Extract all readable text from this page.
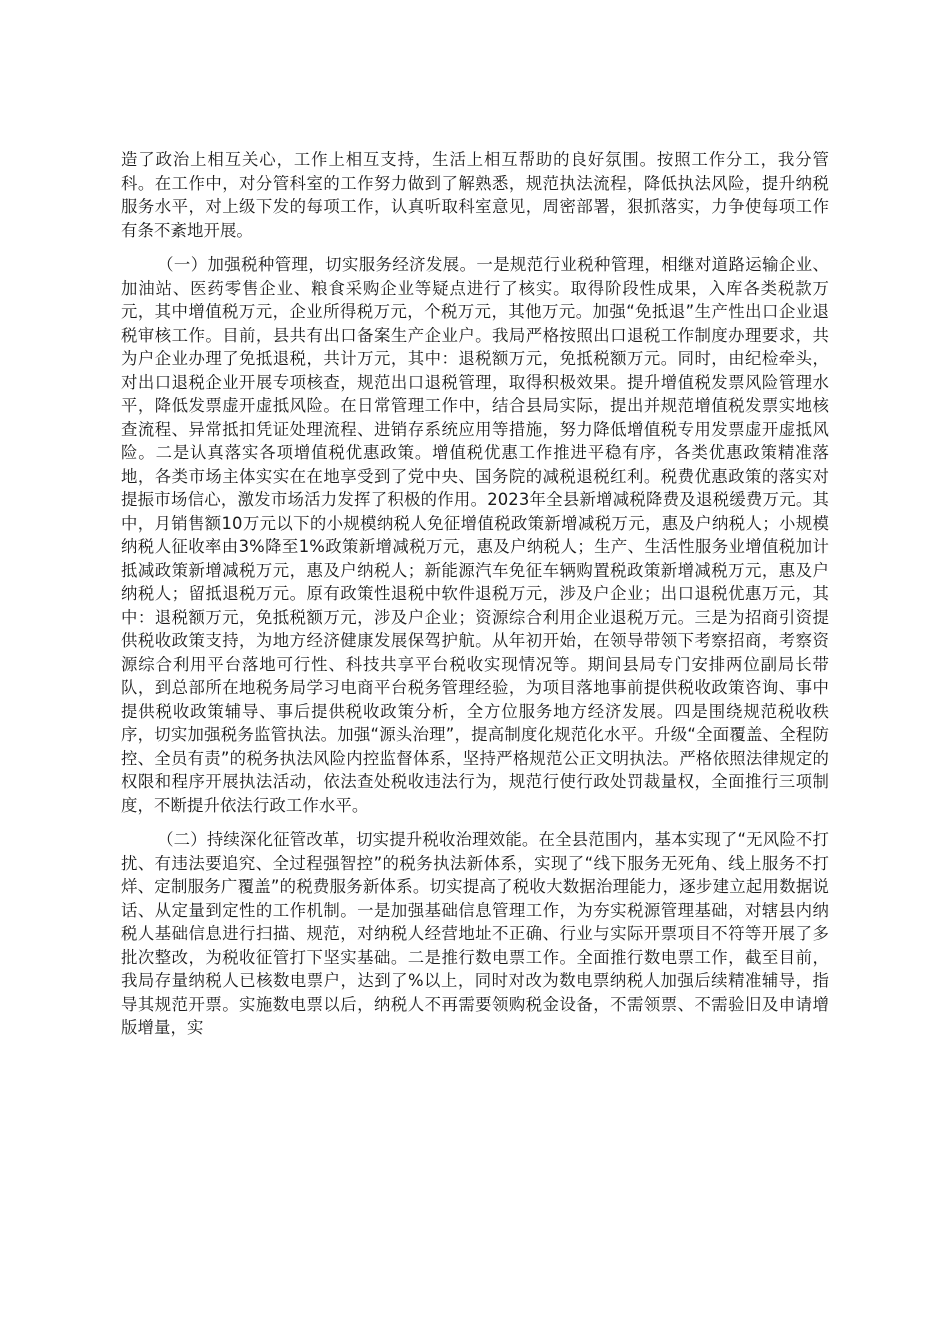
造了政治上相互关心，工作上相互支持，生活上相互帮助的良好氛围。按照工作分工，我分管科。在工作中，对分管科室的工作努力做到了解熟悉，规范执法流程，降低执法风险，提升纳税服务水平，对上级下发的每项工作，认真听取科室意见，周密部署，狠抓落实，力争使每项工作有条不紊地开展。

（一）加强税种管理，切实服务经济发展。一是规范行业税种管理，相继对道路运输企业、加油站、医药零售企业、粮食采购企业等疑点进行了核实。取得阶段性成果，入库各类税款万元，其中增值税万元，企业所得税万元，个税万元，其他万元。加强“免抵退”生产性出口企业退税审核工作。目前，县共有出口备案生产企业户。我局严格按照出口退税工作制度办理要求，共为户企业办理了免抵退税，共计万元，其中：退税额万元，免抵税额万元。同时，由纪检牵头，对出口退税企业开展专项核查，规范出口退税管理，取得积极效果。提升增值税发票风险管理水平，降低发票虚开虚抵风险。在日常管理工作中，结合县局实际，提出并规范增值税发票实地核查流程、异常抵扣凭证处理流程、进销存系统应用等措施，努力降低增值税专用发票虚开虚抵风险。二是认真落实各项增值税优惠政策。增值税优惠工作推进平稳有序，各类优惠政策精准落地，各类市场主体实实在在地享受到了党中央、国务院的减税退税红利。税费优惠政策的落实对提振市场信心，激发市场活力发挥了积极的作用。2023年全县新增减税降费及退税缓费万元。其中，月销售额10万元以下的小规模纳税人免征增值税政策新增减税万元，惠及户纳税人；小规模纳税人征收率由3%降至1%政策新增减税万元，惠及户纳税人；生产、生活性服务业增值税加计抵减政策新增减税万元，惠及户纳税人；新能源汽车免征车辆购置税政策新增减税万元，惠及户纳税人；留抵退税万元。原有政策性退税中软件退税万元，涉及户企业；出口退税优惠万元，其中：退税额万元，免抵税额万元，涉及户企业；资源综合利用企业退税万元。三是为招商引资提供税收政策支持，为地方经济健康发展保驾护航。从年初开始，在领导带领下考察招商，考察资源综合利用平台落地可行性、科技共享平台税收实现情况等。期间县局专门安排两位副局长带队，到总部所在地税务局学习电商平台税务管理经验，为项目落地事前提供税收政策咨询、事中提供税收政策辅导、事后提供税收政策分析，全方位服务地方经济发展。四是围绕规范税收秩序，切实加强税务监管执法。加强“源头治理”，提高制度化规范化水平。升级“全面覆盖、全程防控、全员有责”的税务执法风险内控监督体系，坚持严格规范公正文明执法。严格依照法律规定的权限和程序开展执法活动，依法查处税收违法行为，规范行使行政处罚裁量权，全面推行三项制度，不断提升依法行政工作水平。

（二）持续深化征管改革，切实提升税收治理效能。在全县范围内，基本实现了“无风险不打扰、有违法要追究、全过程强智控”的税务执法新体系，实现了“线下服务无死角、线上服务不打烊、定制服务广覆盖”的税费服务新体系。切实提高了税收大数据治理能力，逐步建立起用数据说话、从定量到定性的工作机制。一是加强基础信息管理工作，为夯实税源管理基础，对辖县内纳税人基础信息进行扫描、规范，对纳税人经营地址不正确、行业与实际开票项目不符等开展了多批次整改，为税收征管打下坚实基础。二是推行数电票工作。全面推行数电票工作，截至目前，我局存量纳税人已核数电票户，达到了%以上，同时对改为数电票纳税人加强后续精准辅导，指导其规范开票。实施数电票以后，纳税人不再需要领购税金设备，不需领票、不需验旧及申请增版增量，实
